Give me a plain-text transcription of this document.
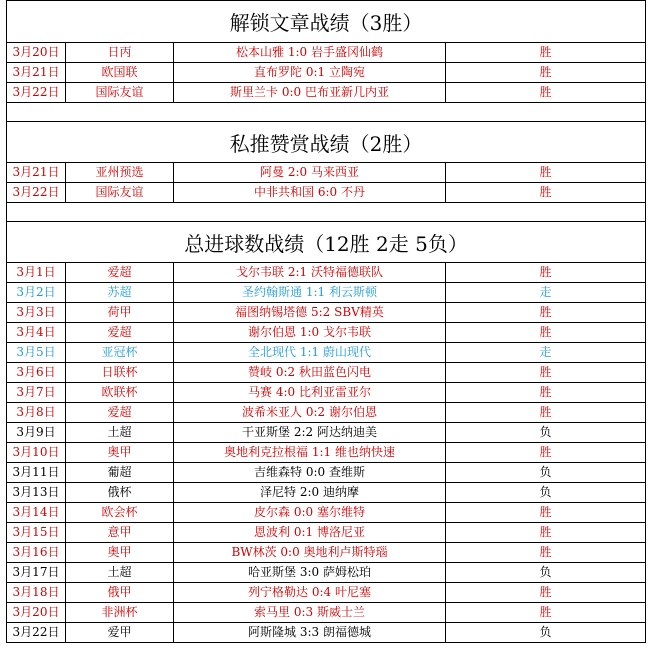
解锁文章战绩（3胜）			
3月20日	日丙	松本山雅 1:0 岩手盛冈仙鹤	胜
3月21日	欧国联	直布罗陀 0:1 立陶宛	胜
3月22日	国际友谊	斯里兰卡 0:0 巴布亚新几内亚	胜

私推赞赏战绩（2胜）			
3月21日	亚州预选	阿曼 2:0 马来西亚	胜
3月22日	国际友谊	中非共和国 6:0 不丹	胜

总进球数战绩（12胜 2走 5负）			
3月1日	爱超	戈尔韦联 2:1 沃特福德联队	胜
3月2日	苏超	圣约翰斯通 1:1 利云斯顿	走
3月3日	荷甲	福图纳锡塔德 5:2 SBV精英	胜
3月4日	爱超	谢尔伯恩 1:0 戈尔韦联	胜
3月5日	亚冠杯	全北现代 1:1 蔚山现代	走
3月6日	日联杯	赞岐 0:2 秋田蓝色闪电	胜
3月7日	欧联杯	马赛 4:0 比利亚雷亚尔	胜
3月8日	爱超	波希米亚人 0:2 谢尔伯恩	胜
3月9日	土超	干亚斯堡 2:2 阿达纳迪美	负
3月10日	奥甲	奥地利克拉根福 1:1 维也纳快速	胜
3月11日	葡超	吉维森特 0:0 查维斯	负
3月13日	俄杯	泽尼特 2:0 迪纳摩	负
3月14日	欧会杯	皮尔森 0:0 塞尔维特	胜
3月15日	意甲	恩波利 0:1 博洛尼亚	胜
3月16日	奥甲	BW林茨 0:0 奥地利卢斯特瑙	胜
3月17日	土超	哈亚斯堡 3:0 萨姆松珀	负
3月18日	俄甲	列宁格勒达 0:4 叶尼塞	胜
3月20日	非洲杯	索马里 0:3 斯威士兰	胜
3月22日	爱甲	阿斯隆城 3:3 朗福德城	负
